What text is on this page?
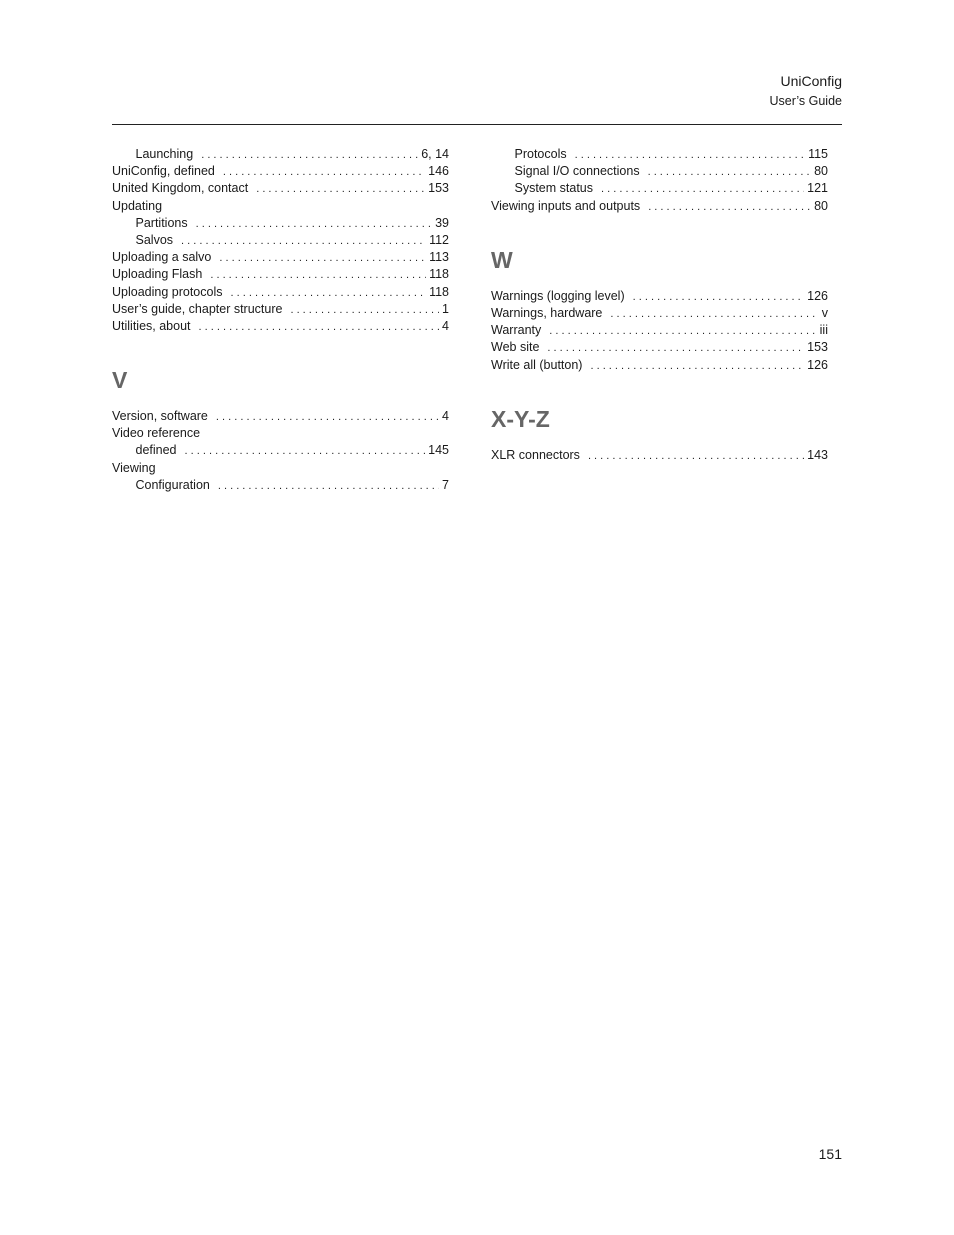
UniConfig
User’s Guide
Launching . . .	6, 14
UniConfig, defined . . .	146
United Kingdom, contact . . .	153
Updating
Partitions . . .	39
Salvos . . .	112
Uploading a salvo . . .	113
Uploading Flash . . .	118
Uploading protocols . . .	118
User’s guide, chapter structure . . .	1
Utilities, about . . .	4
V
Version, software . . .	4
Video reference
defined . . .	145
Viewing
Configuration . . .	7
Protocols . . .	115
Signal I/O connections . . .	80
System status . . .	121
Viewing inputs and outputs . . .	80
W
Warnings (logging level) . . .	126
Warnings, hardware . . .	v
Warranty . . .	iii
Web site . . .	153
Write all (button) . . .	126
X-Y-Z
XLR connectors . . .	143
151
